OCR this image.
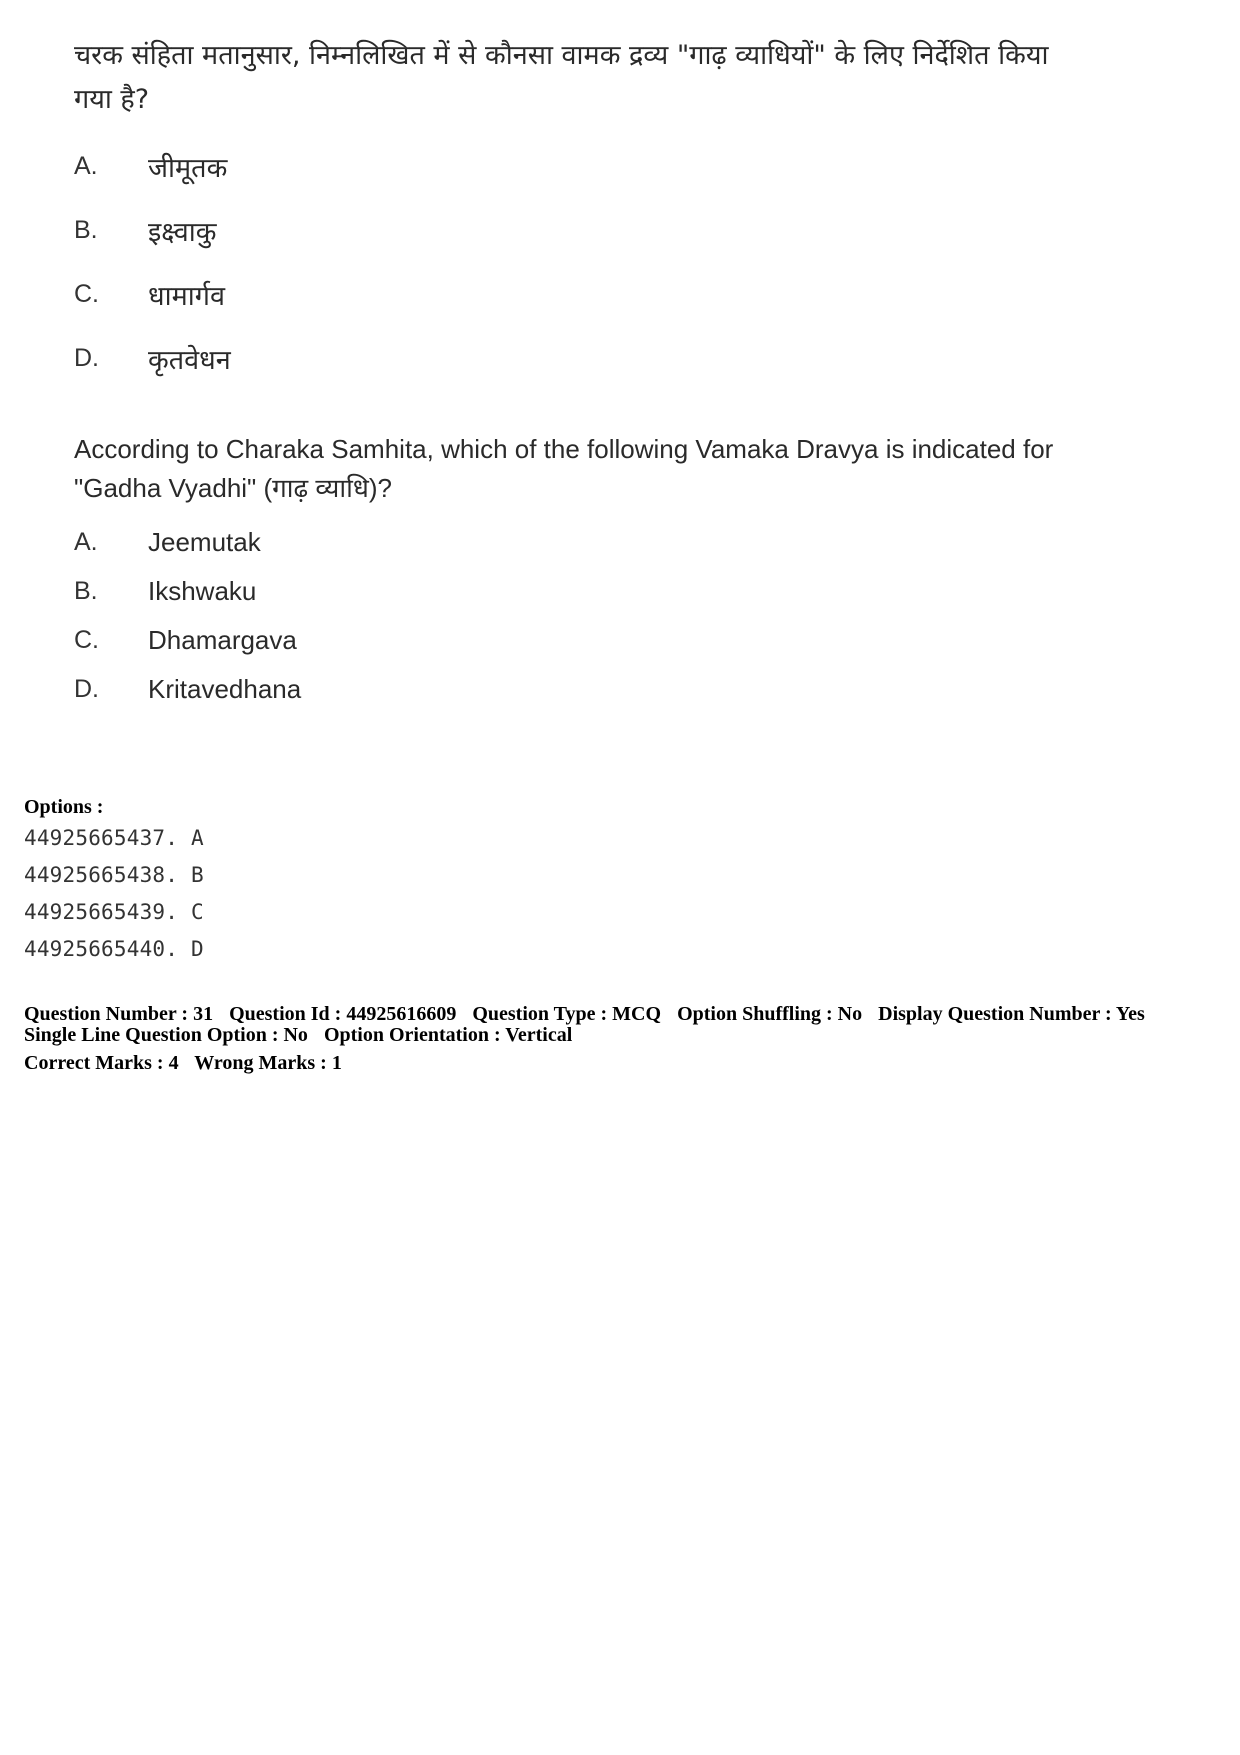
चरक संहिता मतानुसार, निम्नलिखित में से कौनसा वामक द्रव्य "गाढ़ व्याधियों" के लिए निर्देशित किया
गया है?
A.	जीमूतक
B.	इक्ष्वाकु
C.	धामार्गव
D.	कृतवेधन
According to Charaka Samhita, which of the following Vamaka Dravya is indicated for
"Gadha Vyadhi" (गाढ़ व्याधि)?
A.	Jeemutak
B.	Ikshwaku
C.	Dhamargava
D.	Kritavedhana
Options :
44925665437. A
44925665438. B
44925665439. C
44925665440. D
Question Number : 31 Question Id : 44925616609 Question Type : MCQ Option Shuffling : No Display Question Number : Yes
Single Line Question Option : No Option Orientation : Vertical
Correct Marks : 4 Wrong Marks : 1
